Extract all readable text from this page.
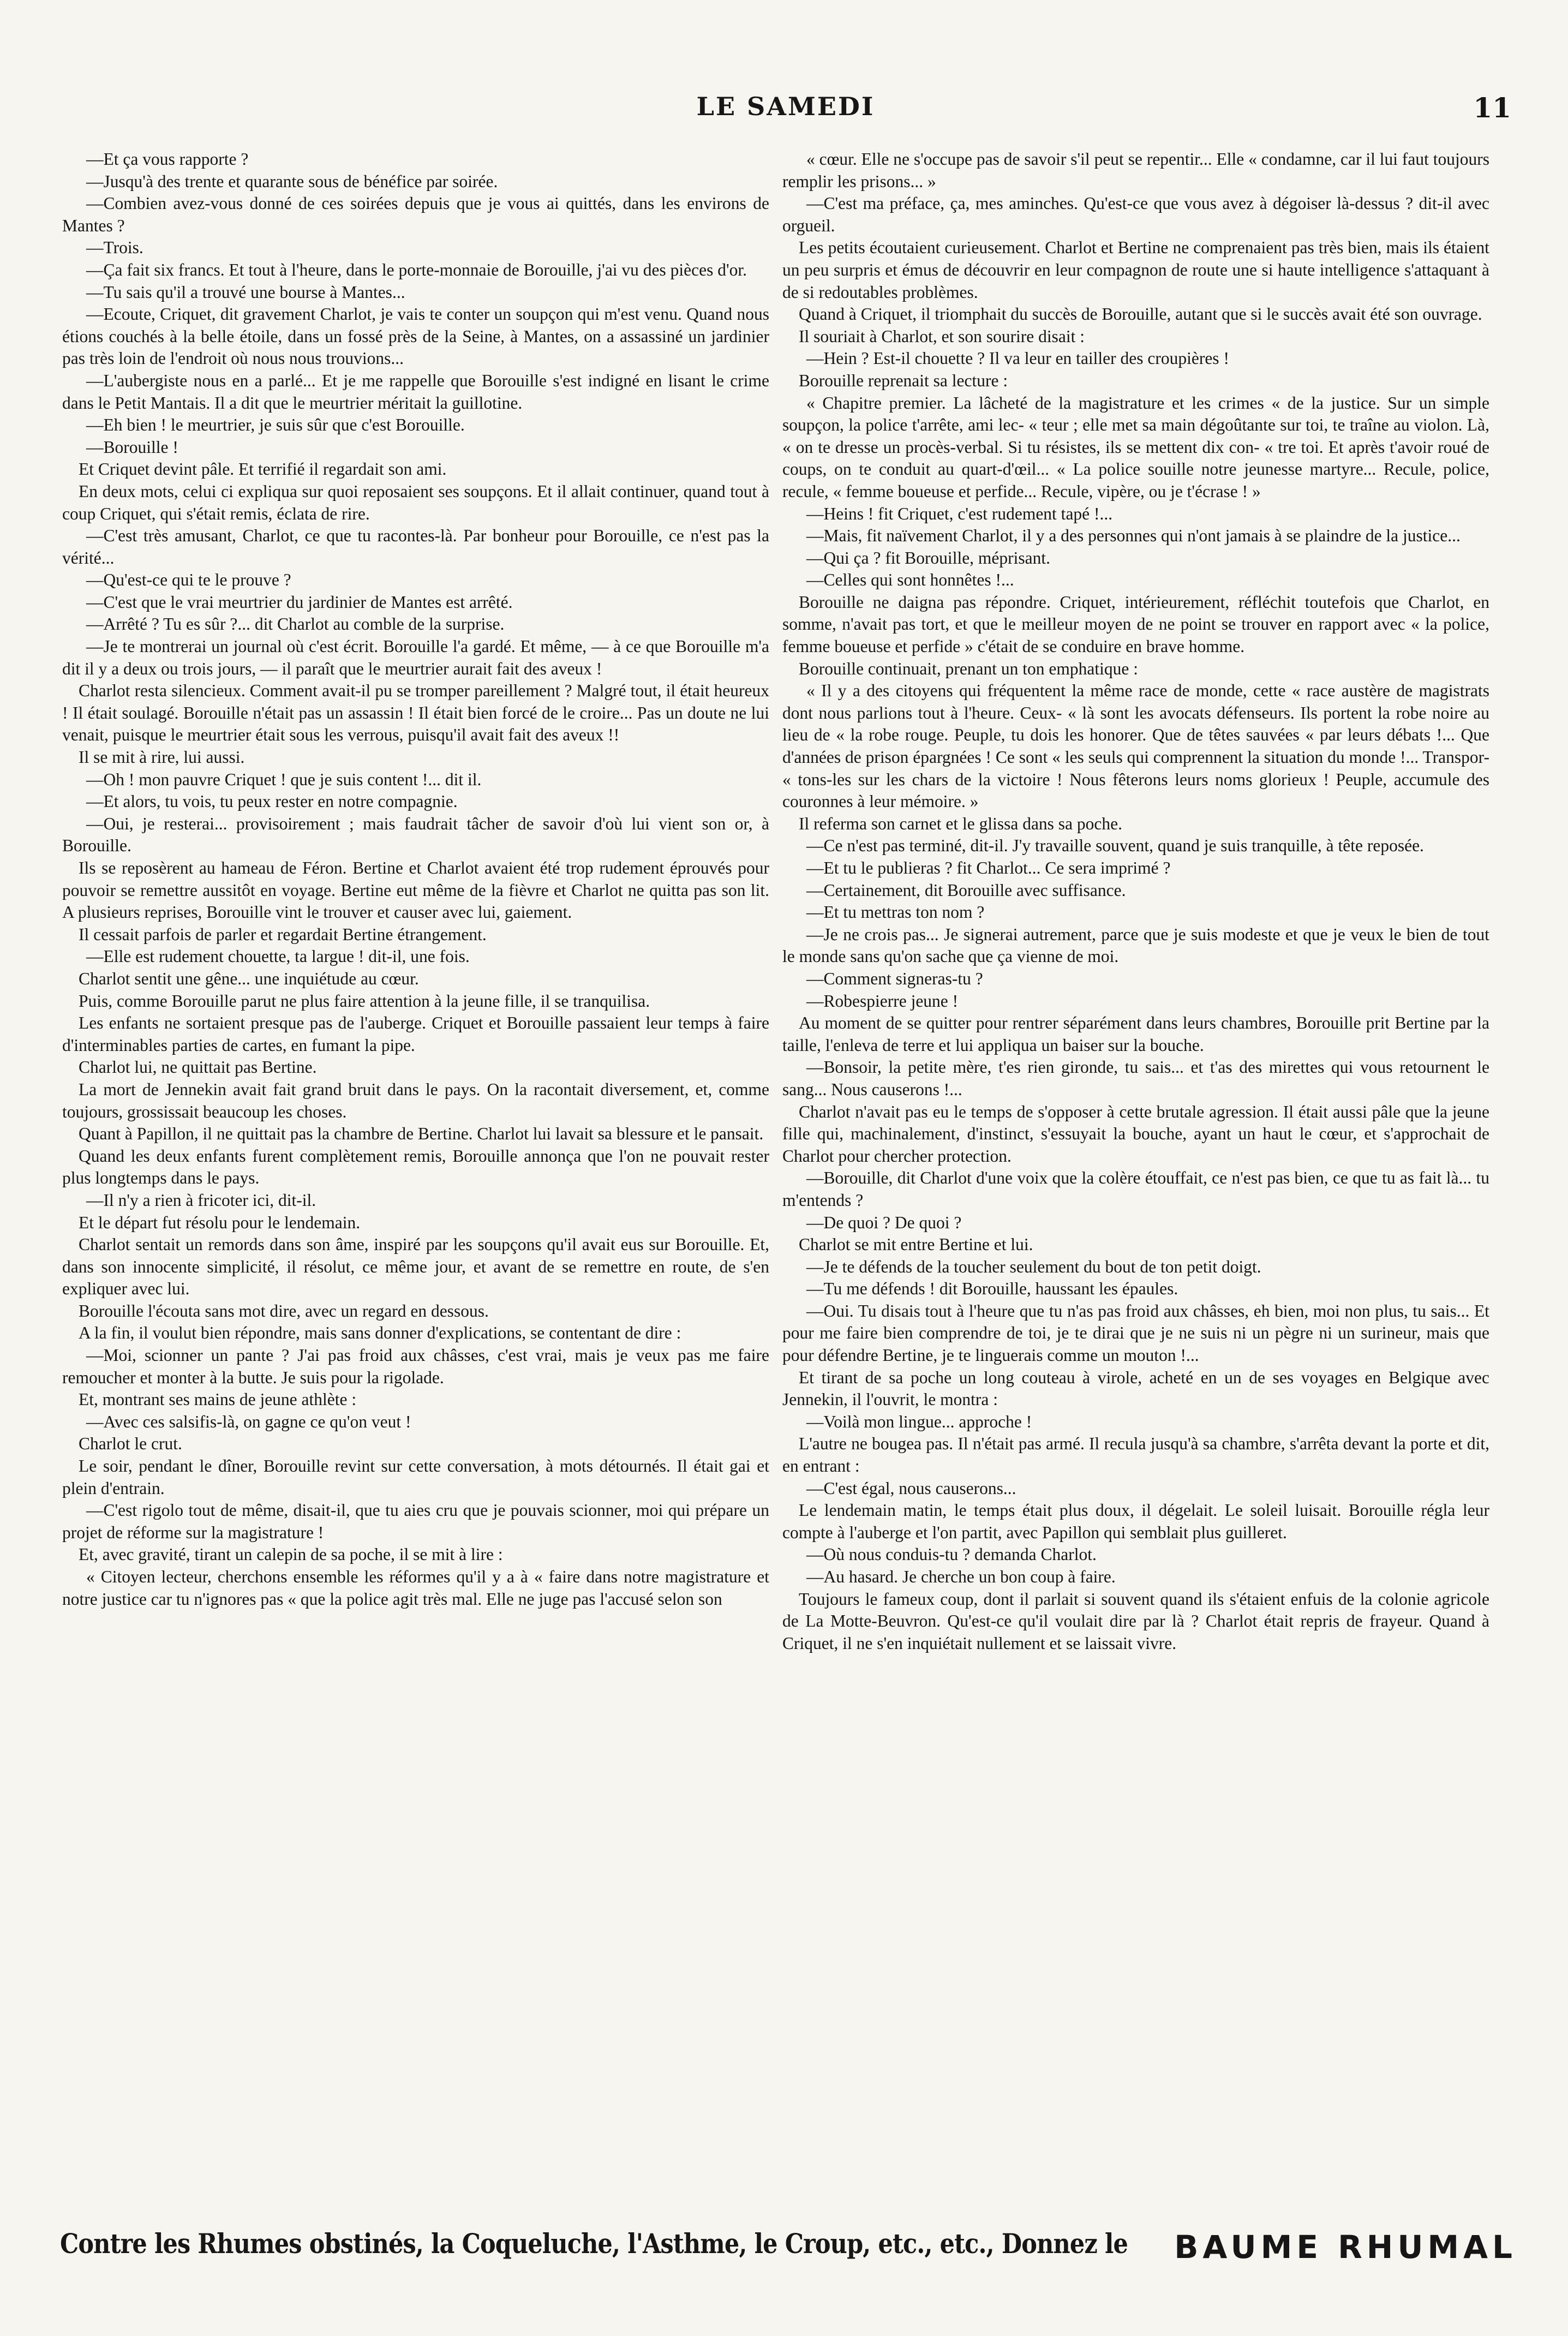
LE SAMEDI	11

—Et ça vous rapporte ?

—Jusqu'à des trente et quarante sous de bénéfice par soirée.

—Combien avez-vous donné de ces soirées depuis que je vous ai quittés, dans les environs de Mantes ?

—Trois.

—Ça fait six francs. Et tout à l'heure, dans le porte-monnaie de Borouille, j'ai vu des pièces d'or.

—Tu sais qu'il a trouvé une bourse à Mantes...

—Ecoute, Criquet, dit gravement Charlot, je vais te conter un soupçon qui m'est venu. Quand nous étions couchés à la belle étoile, dans un fossé près de la Seine, à Mantes, on a assassiné un jardinier pas très loin de l'endroit où nous nous trouvions...

—L'aubergiste nous en a parlé... Et je me rappelle que Borouille s'est indigné en lisant le crime dans le Petit Mantais. Il a dit que le meurtrier méritait la guillotine.

—Eh bien ! le meurtrier, je suis sûr que c'est Borouille.

—Borouille !

Et Criquet devint pâle. Et terrifié il regardait son ami.

En deux mots, celui ci expliqua sur quoi reposaient ses soupçons. Et il allait continuer, quand tout à coup Criquet, qui s'était remis, éclata de rire.

—C'est très amusant, Charlot, ce que tu racontes-là. Par bonheur pour Borouille, ce n'est pas la vérité...

—Qu'est-ce qui te le prouve ?

—C'est que le vrai meurtrier du jardinier de Mantes est arrêté.

—Arrêté ? Tu es sûr ?... dit Charlot au comble de la surprise.

—Je te montrerai un journal où c'est écrit. Borouille l'a gardé. Et même, — à ce que Borouille m'a dit il y a deux ou trois jours, — il paraît que le meurtrier aurait fait des aveux !

Charlot resta silencieux. Comment avait-il pu se tromper pareillement ? Malgré tout, il était heureux ! Il était soulagé. Borouille n'était pas un assassin ! Il était bien forcé de le croire... Pas un doute ne lui venait, puisque le meurtrier était sous les verrous, puisqu'il avait fait des aveux !!

Il se mit à rire, lui aussi.

—Oh ! mon pauvre Criquet ! que je suis content !... dit il.

—Et alors, tu vois, tu peux rester en notre compagnie.

—Oui, je resterai... provisoirement ; mais faudrait tâcher de savoir d'où lui vient son or, à Borouille.

Ils se reposèrent au hameau de Féron. Bertine et Charlot avaient été trop rudement éprouvés pour pouvoir se remettre aussitôt en voyage. Bertine eut même de la fièvre et Charlot ne quitta pas son lit. A plusieurs reprises, Borouille vint le trouver et causer avec lui, gaiement.

Il cessait parfois de parler et regardait Bertine étrangement.

—Elle est rudement chouette, ta largue ! dit-il, une fois.

Charlot sentit une gêne... une inquiétude au cœur.

Puis, comme Borouille parut ne plus faire attention à la jeune fille, il se tranquilisa.

Les enfants ne sortaient presque pas de l'auberge. Criquet et Borouille passaient leur temps à faire d'interminables parties de cartes, en fumant la pipe.

Charlot lui, ne quittait pas Bertine.

La mort de Jennekin avait fait grand bruit dans le pays. On la racontait diversement, et, comme toujours, grossissait beaucoup les choses.

Quant à Papillon, il ne quittait pas la chambre de Bertine. Charlot lui lavait sa blessure et le pansait.

Quand les deux enfants furent complètement remis, Borouille annonça que l'on ne pouvait rester plus longtemps dans le pays.

—Il n'y a rien à fricoter ici, dit-il.

Et le départ fut résolu pour le lendemain.

Charlot sentait un remords dans son âme, inspiré par les soupçons qu'il avait eus sur Borouille. Et, dans son innocente simplicité, il résolut, ce même jour, et avant de se remettre en route, de s'en expliquer avec lui.

Borouille l'écouta sans mot dire, avec un regard en dessous.

A la fin, il voulut bien répondre, mais sans donner d'explications, se contentant de dire :

—Moi, scionner un pante ? J'ai pas froid aux châsses, c'est vrai, mais je veux pas me faire remoucher et monter à la butte. Je suis pour la rigolade.

Et, montrant ses mains de jeune athlète :

—Avec ces salsifis-là, on gagne ce qu'on veut !

Charlot le crut.

Le soir, pendant le dîner, Borouille revint sur cette conversation, à mots détournés. Il était gai et plein d'entrain.

—C'est rigolo tout de même, disait-il, que tu aies cru que je pouvais scionner, moi qui prépare un projet de réforme sur la magistrature !

Et, avec gravité, tirant un calepin de sa poche, il se mit à lire :

« Citoyen lecteur, cherchons ensemble les réformes qu'il y a à « faire dans notre magistrature et notre justice car tu n'ignores pas « que la police agit très mal. Elle ne juge pas l'accusé selon son

« cœur. Elle ne s'occupe pas de savoir s'il peut se repentir... Elle « condamne, car il lui faut toujours remplir les prisons... »

—C'est ma préface, ça, mes aminches. Qu'est-ce que vous avez à dégoiser là-dessus ? dit-il avec orgueil.

Les petits écoutaient curieusement. Charlot et Bertine ne comprenaient pas très bien, mais ils étaient un peu surpris et émus de découvrir en leur compagnon de route une si haute intelligence s'attaquant à de si redoutables problèmes.

Quand à Criquet, il triomphait du succès de Borouille, autant que si le succès avait été son ouvrage.

Il souriait à Charlot, et son sourire disait :

—Hein ? Est-il chouette ? Il va leur en tailler des croupières !

Borouille reprenait sa lecture :

« Chapitre premier. La lâcheté de la magistrature et les crimes « de la justice. Sur un simple soupçon, la police t'arrête, ami lec- « teur ; elle met sa main dégoûtante sur toi, te traîne au violon. Là, « on te dresse un procès-verbal. Si tu résistes, ils se mettent dix con- « tre toi. Et après t'avoir roué de coups, on te conduit au quart-d'œil... « La police souille notre jeunesse martyre... Recule, police, recule, « femme boueuse et perfide... Recule, vipère, ou je t'écrase ! »

—Heins ! fit Criquet, c'est rudement tapé !...

—Mais, fit naïvement Charlot, il y a des personnes qui n'ont jamais à se plaindre de la justice...

—Qui ça ? fit Borouille, méprisant.

—Celles qui sont honnêtes !...

Borouille ne daigna pas répondre. Criquet, intérieurement, réfléchit toutefois que Charlot, en somme, n'avait pas tort, et que le meilleur moyen de ne point se trouver en rapport avec « la police, femme boueuse et perfide » c'était de se conduire en brave homme.

Borouille continuait, prenant un ton emphatique :

« Il y a des citoyens qui fréquentent la même race de monde, cette « race austère de magistrats dont nous parlions tout à l'heure. Ceux- « là sont les avocats défenseurs. Ils portent la robe noire au lieu de « la robe rouge. Peuple, tu dois les honorer. Que de têtes sauvées « par leurs débats !... Que d'années de prison épargnées ! Ce sont « les seuls qui comprennent la situation du monde !... Transpor- « tons-les sur les chars de la victoire ! Nous fêterons leurs noms glorieux ! Peuple, accumule des couronnes à leur mémoire. »

Il referma son carnet et le glissa dans sa poche.

—Ce n'est pas terminé, dit-il. J'y travaille souvent, quand je suis tranquille, à tête reposée.

—Et tu le publieras ? fit Charlot... Ce sera imprimé ?

—Certainement, dit Borouille avec suffisance.

—Et tu mettras ton nom ?

—Je ne crois pas... Je signerai autrement, parce que je suis modeste et que je veux le bien de tout le monde sans qu'on sache que ça vienne de moi.

—Comment signeras-tu ?

—Robespierre jeune !

Au moment de se quitter pour rentrer séparément dans leurs chambres, Borouille prit Bertine par la taille, l'enleva de terre et lui appliqua un baiser sur la bouche.

—Bonsoir, la petite mère, t'es rien gironde, tu sais... et t'as des mirettes qui vous retournent le sang... Nous causerons !...

Charlot n'avait pas eu le temps de s'opposer à cette brutale agression. Il était aussi pâle que la jeune fille qui, machinalement, d'instinct, s'essuyait la bouche, ayant un haut le cœur, et s'approchait de Charlot pour chercher protection.

—Borouille, dit Charlot d'une voix que la colère étouffait, ce n'est pas bien, ce que tu as fait là... tu m'entends ?

—De quoi ? De quoi ?

Charlot se mit entre Bertine et lui.

—Je te défends de la toucher seulement du bout de ton petit doigt.

—Tu me défends ! dit Borouille, haussant les épaules.

—Oui. Tu disais tout à l'heure que tu n'as pas froid aux châsses, eh bien, moi non plus, tu sais... Et pour me faire bien comprendre de toi, je te dirai que je ne suis ni un pègre ni un surineur, mais que pour défendre Bertine, je te linguerais comme un mouton !...

Et tirant de sa poche un long couteau à virole, acheté en un de ses voyages en Belgique avec Jennekin, il l'ouvrit, le montra :

—Voilà mon lingue... approche !

L'autre ne bougea pas. Il n'était pas armé. Il recula jusqu'à sa chambre, s'arrêta devant la porte et dit, en entrant :

—C'est égal, nous causerons...

Le lendemain matin, le temps était plus doux, il dégelait. Le soleil luisait. Borouille régla leur compte à l'auberge et l'on partit, avec Papillon qui semblait plus guilleret.

—Où nous conduis-tu ? demanda Charlot.

—Au hasard. Je cherche un bon coup à faire.

Toujours le fameux coup, dont il parlait si souvent quand ils s'étaient enfuis de la colonie agricole de La Motte-Beuvron. Qu'est-ce qu'il voulait dire par là ? Charlot était repris de frayeur. Quand à Criquet, il ne s'en inquiétait nullement et se laissait vivre.

Contre les Rhumes obstinés, la Coqueluche, l'Asthme, le Croup, etc., etc., Donnez le BAUME RHUMAL
